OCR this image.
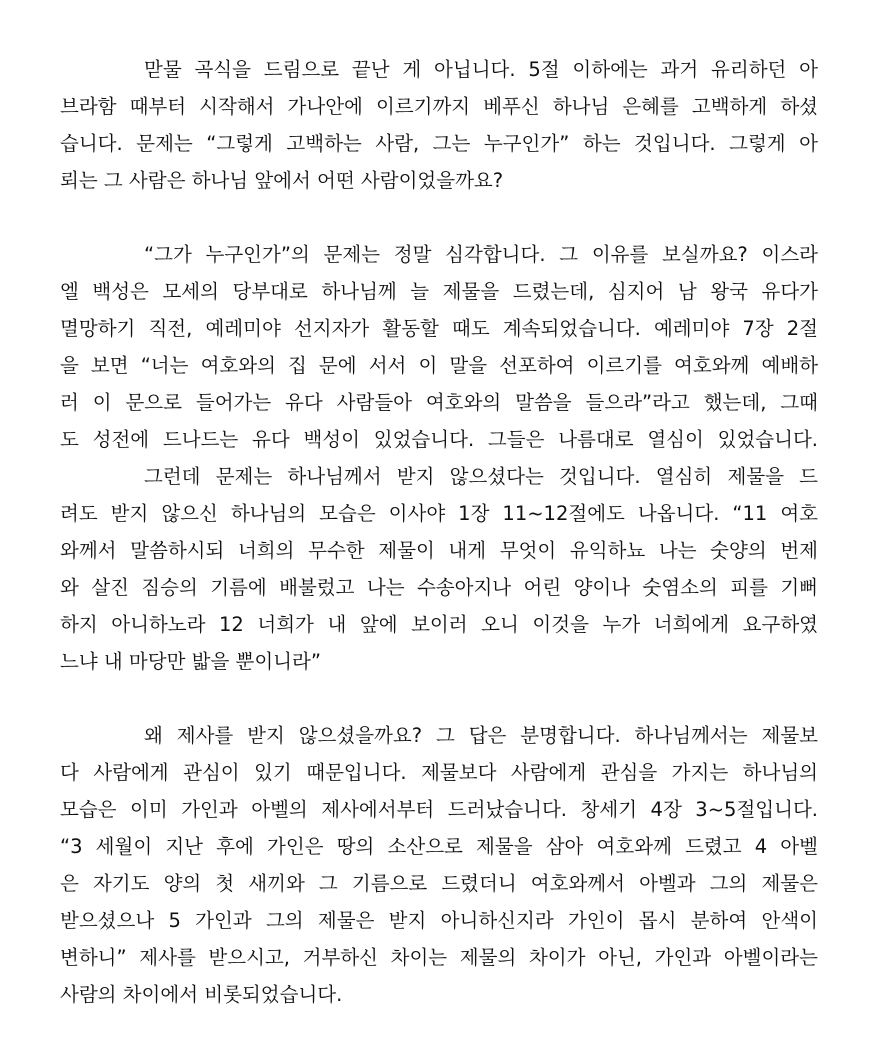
맏물 곡식을 드림으로 끝난 게 아닙니다. 5절 이하에는 과거 유리하던 아
브라함 때부터 시작해서 가나안에 이르기까지 베푸신 하나님 은혜를 고백하게 하셨
습니다. 문제는 “그렇게 고백하는 사람, 그는 누구인가” 하는 것입니다. 그렇게 아
뢰는 그 사람은 하나님 앞에서 어떤 사람이었을까요?
“그가 누구인가”의 문제는 정말 심각합니다. 그 이유를 보실까요? 이스라
엘 백성은 모세의 당부대로 하나님께 늘 제물을 드렸는데, 심지어 남 왕국 유다가
멸망하기 직전, 예레미야 선지자가 활동할 때도 계속되었습니다. 예레미야 7장 2절
을 보면 “너는 여호와의 집 문에 서서 이 말을 선포하여 이르기를 여호와께 예배하
러 이 문으로 들어가는 유다 사람들아 여호와의 말씀을 들으라”라고 했는데, 그때
도 성전에 드나드는 유다 백성이 있었습니다. 그들은 나름대로 열심이 있었습니다.
그런데 문제는 하나님께서 받지 않으셨다는 것입니다. 열심히 제물을 드
려도 받지 않으신 하나님의 모습은 이사야 1장 11~12절에도 나옵니다. “11 여호
와께서 말씀하시되 너희의 무수한 제물이 내게 무엇이 유익하뇨 나는 숫양의 번제
와 살진 짐승의 기름에 배불렀고 나는 수송아지나 어린 양이나 숫염소의 피를 기뻐
하지 아니하노라 12 너희가 내 앞에 보이러 오니 이것을 누가 너희에게 요구하였
느냐 내 마당만 밟을 뿐이니라”
왜 제사를 받지 않으셨을까요? 그 답은 분명합니다. 하나님께서는 제물보
다 사람에게 관심이 있기 때문입니다. 제물보다 사람에게 관심을 가지는 하나님의
모습은 이미 가인과 아벨의 제사에서부터 드러났습니다. 창세기 4장 3~5절입니다.
“3 세월이 지난 후에 가인은 땅의 소산으로 제물을 삼아 여호와께 드렸고 4 아벨
은 자기도 양의 첫 새끼와 그 기름으로 드렸더니 여호와께서 아벨과 그의 제물은
받으셨으나 5 가인과 그의 제물은 받지 아니하신지라 가인이 몹시 분하여 안색이
변하니” 제사를 받으시고, 거부하신 차이는 제물의 차이가 아닌, 가인과 아벨이라는
사람의 차이에서 비롯되었습니다.
